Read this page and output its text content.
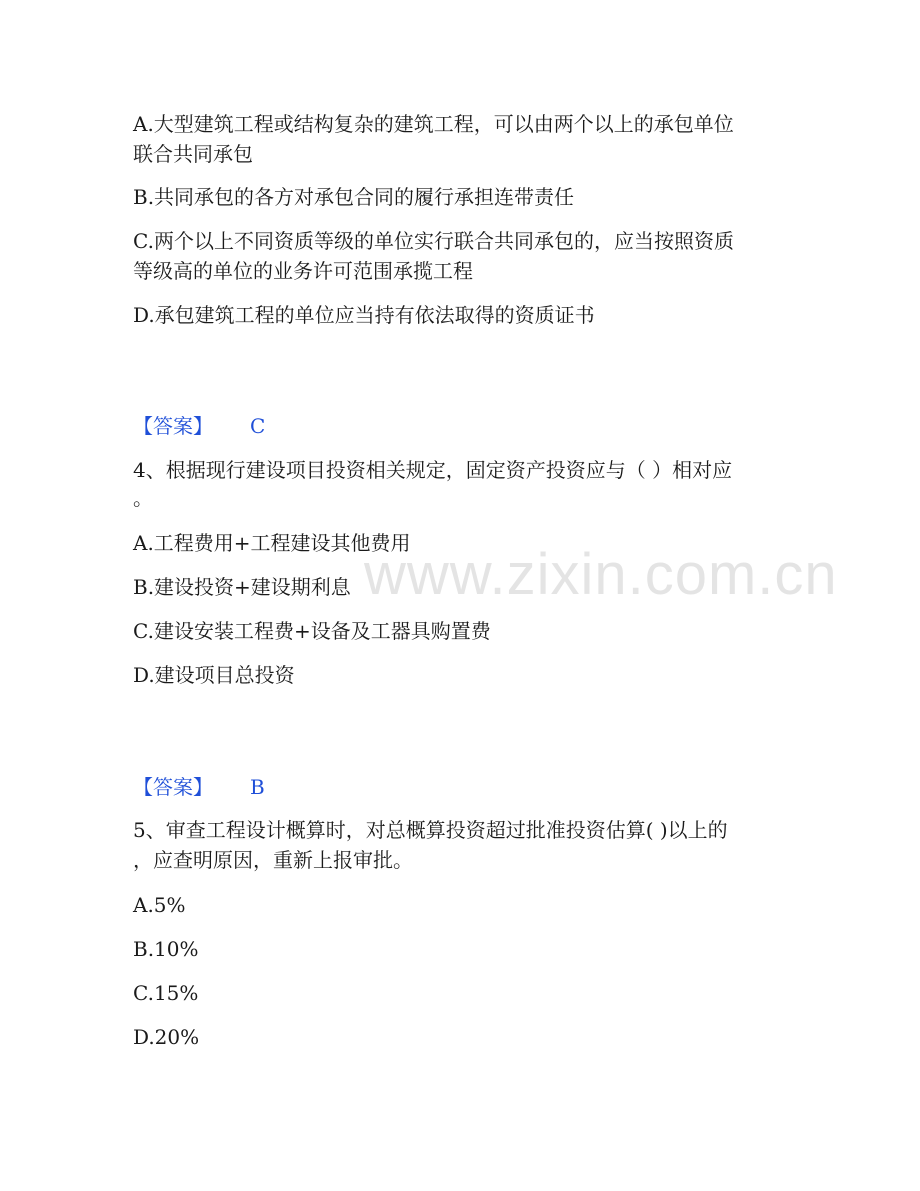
www.zixin.com.cn
A.大型建筑工程或结构复杂的建筑工程，可以由两个以上的承包单位
联合共同承包
B.共同承包的各方对承包合同的履行承担连带责任
C.两个以上不同资质等级的单位实行联合共同承包的，应当按照资质
等级高的单位的业务许可范围承揽工程
D.承包建筑工程的单位应当持有依法取得的资质证书
【答案】 C
4、根据现行建设项目投资相关规定，固定资产投资应与（ ）相对应
。
A.工程费用+工程建设其他费用
B.建设投资+建设期利息
C.建设安装工程费+设备及工器具购置费
D.建设项目总投资
【答案】 B
5、审查工程设计概算时，对总概算投资超过批准投资估算( )以上的
，应查明原因，重新上报审批。
A.5%
B.10%
C.15%
D.20%
